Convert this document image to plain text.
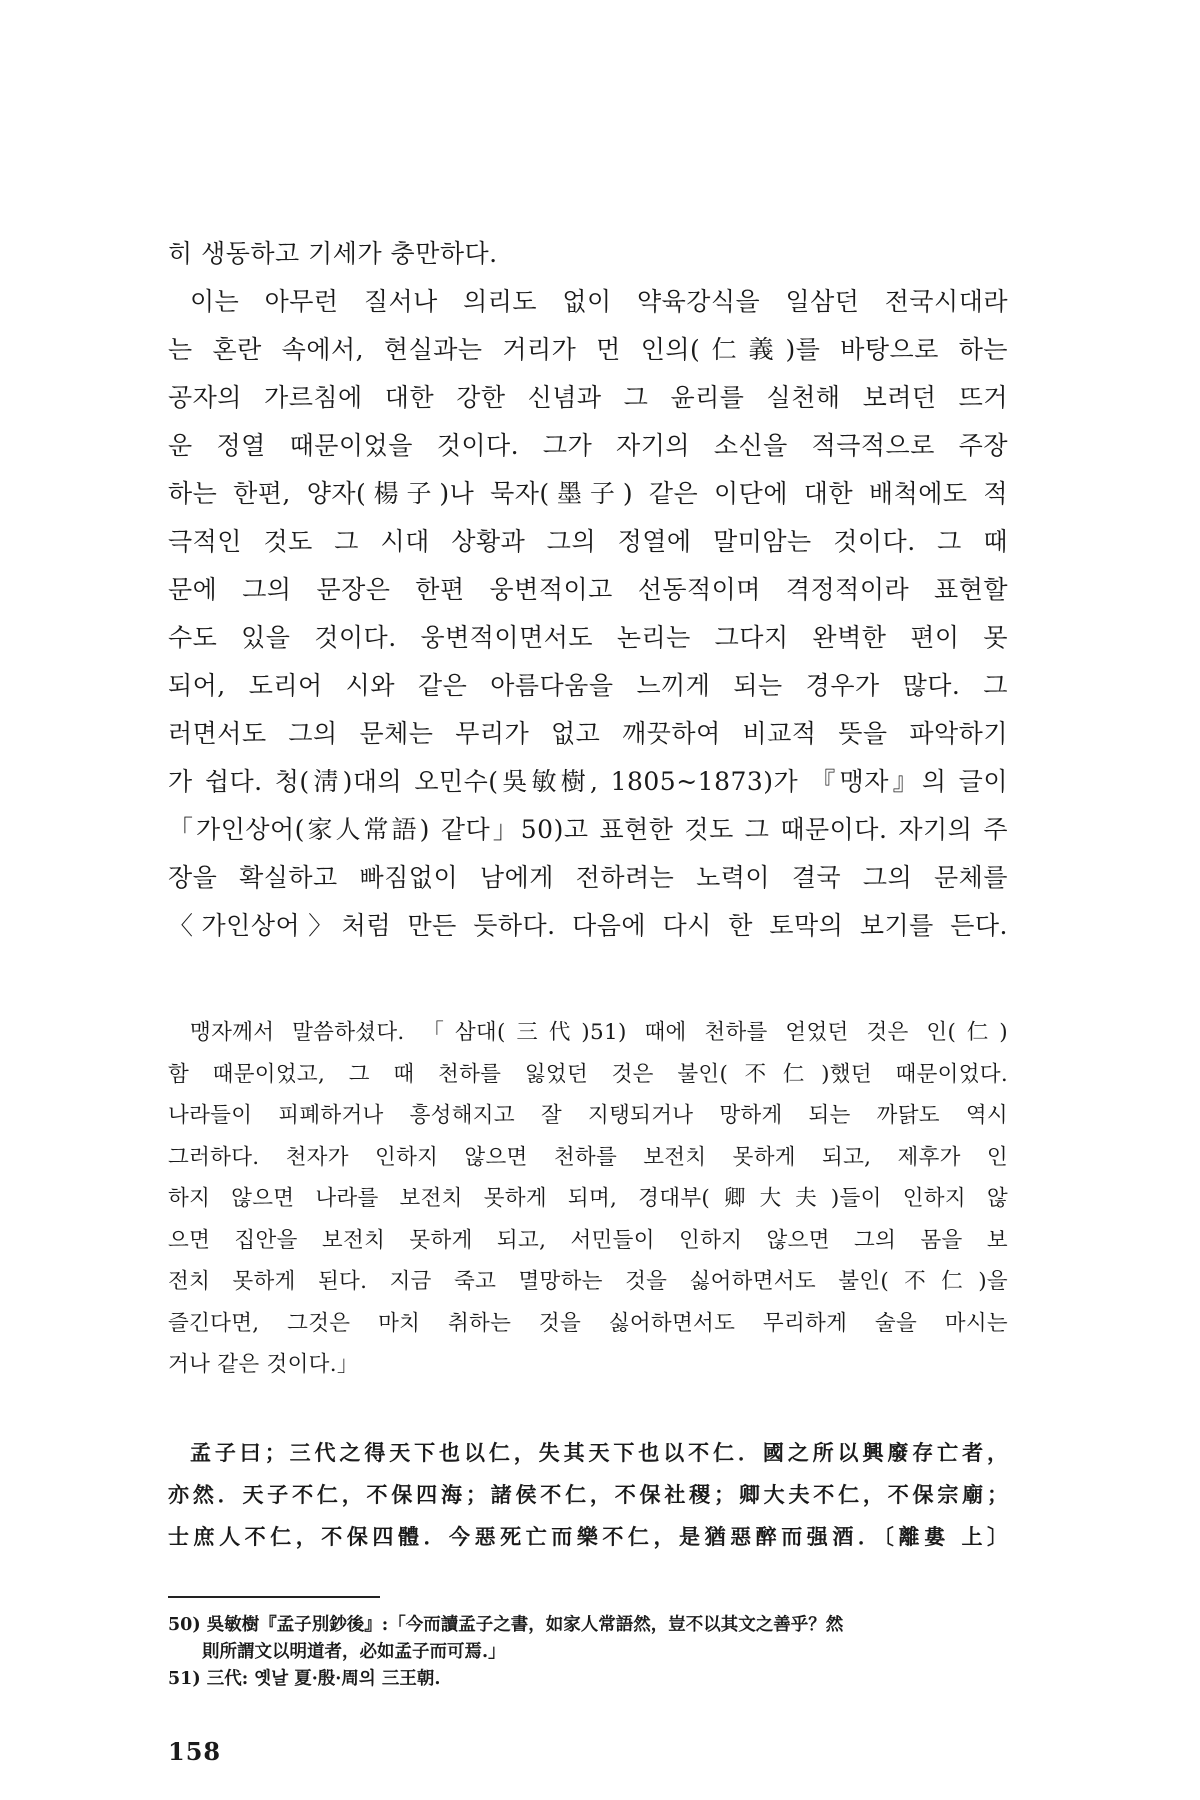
히 생동하고 기세가 충만하다.
이는 아무런 질서나 의리도 없이 약육강식을 일삼던 전국시대라
는 혼란 속에서, 현실과는 거리가 먼 인의(仁義)를 바탕으로 하는
공자의 가르침에 대한 강한 신념과 그 윤리를 실천해 보려던 뜨거
운 정열 때문이었을 것이다. 그가 자기의 소신을 적극적으로 주장
하는 한편, 양자(楊子)나 묵자(墨子) 같은 이단에 대한 배척에도 적
극적인 것도 그 시대 상황과 그의 정열에 말미암는 것이다. 그 때
문에 그의 문장은 한편 웅변적이고 선동적이며 격정적이라 표현할
수도 있을 것이다. 웅변적이면서도 논리는 그다지 완벽한 편이 못
되어, 도리어 시와 같은 아름다움을 느끼게 되는 경우가 많다. 그
러면서도 그의 문체는 무리가 없고 깨끗하여 비교적 뜻을 파악하기
가 쉽다. 청(淸)대의 오민수(吳敏樹, 1805~1873)가 『맹자』의 글이
「가인상어(家人常語) 같다」50)고 표현한 것도 그 때문이다. 자기의 주
장을 확실하고 빠짐없이 남에게 전하려는 노력이 결국 그의 문체를
〈가인상어〉처럼 만든 듯하다. 다음에 다시 한 토막의 보기를 든다.
맹자께서 말씀하셨다. 「삼대(三代)51) 때에 천하를 얻었던 것은 인(仁)
함 때문이었고, 그 때 천하를 잃었던 것은 불인(不仁)했던 때문이었다.
나라들이 피폐하거나 흥성해지고 잘 지탱되거나 망하게 되는 까닭도 역시
그러하다. 천자가 인하지 않으면 천하를 보전치 못하게 되고, 제후가 인
하지 않으면 나라를 보전치 못하게 되며, 경대부(卿大夫)들이 인하지 않
으면 집안을 보전치 못하게 되고, 서민들이 인하지 않으면 그의 몸을 보
전치 못하게 된다. 지금 죽고 멸망하는 것을 싫어하면서도 불인(不仁)을
즐긴다면, 그것은 마치 취하는 것을 싫어하면서도 무리하게 술을 마시는
거나 같은 것이다.」
孟子曰；三代之得天下也以仁，失其天下也以不仁．國之所以興廢存亡者，
亦然．天子不仁，不保四海；諸侯不仁，不保社稷；卿大夫不仁，不保宗廟；
士庶人不仁，不保四體．今惡死亡而樂不仁，是猶惡醉而强酒．〔離婁 上〕
50) 吳敏樹『孟子別鈔後』:「今而讀孟子之書，如家人常語然，豈不以其文之善乎？然
則所謂文以明道者，必如孟子而可焉.」
51) 三代: 옛날 夏·殷·周의 三王朝.
158
